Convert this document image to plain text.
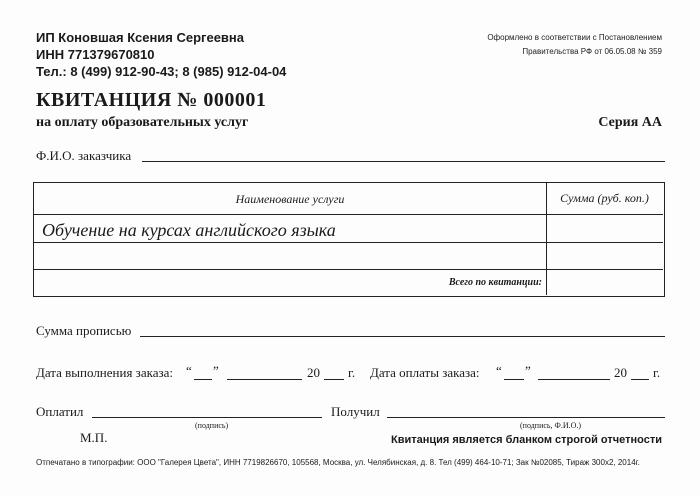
ИП Коновшая Ксения Сергеевна
ИНН 771379670810
Тел.: 8 (499) 912-90-43; 8 (985) 912-04-04
Оформлено в соответствии с Постановлением
Правительства РФ от 06.05.08 № 359
КВИТАНЦИЯ № 000001
на оплату образовательных услуг	Серия АА
Ф.И.О. заказчика
Наименование услуги	Сумма (руб. коп.)
Обучение на курсах английского языка
Всего по квитанции:
Сумма прописью
Дата выполнения заказа: “ ”	20 г. Дата оплаты заказа: “ ”	20 г.
Оплатил
(подпись)
Получил
(подпись, Ф.И.О.)
М.П.	Квитанция является бланком строгой отчетности
Отпечатано в типографии: ООО "Галерея Цвета", ИНН 7719826670, 105568, Москва, ул. Челябинская, д. 8. Тел (499) 464-10-71; Зак №02085, Тираж 300х2, 2014г.
